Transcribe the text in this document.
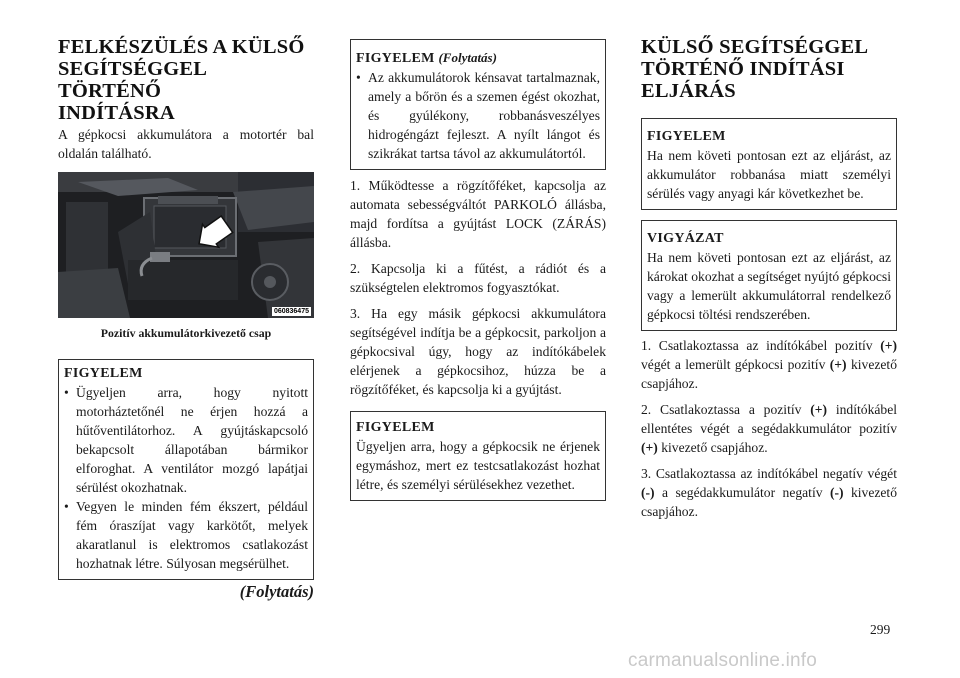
FELKÉSZÜLÉS A KÜLSŐ
SEGÍTSÉGGEL TÖRTÉNŐ
INDÍTÁSRA

A gépkocsi akkumulátora a motortér bal oldalán található.

060836475
Pozitív akkumulátorkivezető csap
FIGYELEM
• Ügyeljen arra, hogy nyitott motorháztetőnél ne érjen hozzá a hűtőventilátorhoz. A gyújtáskapcsoló bekapcsolt állapotában bármikor elforoghat. A ventilátor mozgó lapátjai sérülést okozhatnak.
• Vegyen le minden fém ékszert, például fém óraszíjat vagy karkötőt, melyek akaratlanul is elektromos csatlakozást hozhatnak létre. Súlyosan megsérülhet.
(Folytatás)
FIGYELEM (Folytatás)
• Az akkumulátorok kénsavat tartalmaznak, amely a bőrön és a szemen égést okozhat, és gyúlékony, robbanásveszélyes hidrogéngázt fejleszt. A nyílt lángot és szikrákat tartsa távol az akkumulátortól.

1. Működtesse a rögzítőféket, kapcsolja az automata sebességváltót PARKOLÓ állásba, majd fordítsa a gyújtást LOCK (ZÁRÁS) állásba.

2. Kapcsolja ki a fűtést, a rádiót és a szükségtelen elektromos fogyasztókat.

3. Ha egy másik gépkocsi akkumulátora segítségével indítja be a gépkocsit, parkoljon a gépkocsival úgy, hogy az indítókábelek elérjenek a gépkocsihoz, húzza be a rögzítőféket, és kapcsolja ki a gyújtást.

FIGYELEM

Ügyeljen arra, hogy a gépkocsik ne érjenek egymáshoz, mert ez testcsatlakozást hozhat létre, és személyi sérülésekhez vezethet.

KÜLSŐ SEGÍTSÉGGEL
TÖRTÉNŐ INDÍTÁSI
ELJÁRÁS
FIGYELEM

Ha nem követi pontosan ezt az eljárást, az akkumulátor robbanása miatt személyi sérülés vagy anyagi kár következhet be.

VIGYÁZAT

Ha nem követi pontosan ezt az eljárást, az károkat okozhat a segítséget nyújtó gépkocsi vagy a lemerült akkumulátorral rendelkező gépkocsi töltési rendszerében.

1. Csatlakoztassa az indítókábel pozitív (+) végét a lemerült gépkocsi pozitív (+) kivezető csapjához.

2. Csatlakoztassa a pozitív (+) indítókábel ellentétes végét a segédakkumulátor pozitív (+) kivezető csapjához.

3. Csatlakoztassa az indítókábel negatív végét (-) a segédakkumulátor negatív (-) kivezető csapjához.

299
carmanualsonline.info
